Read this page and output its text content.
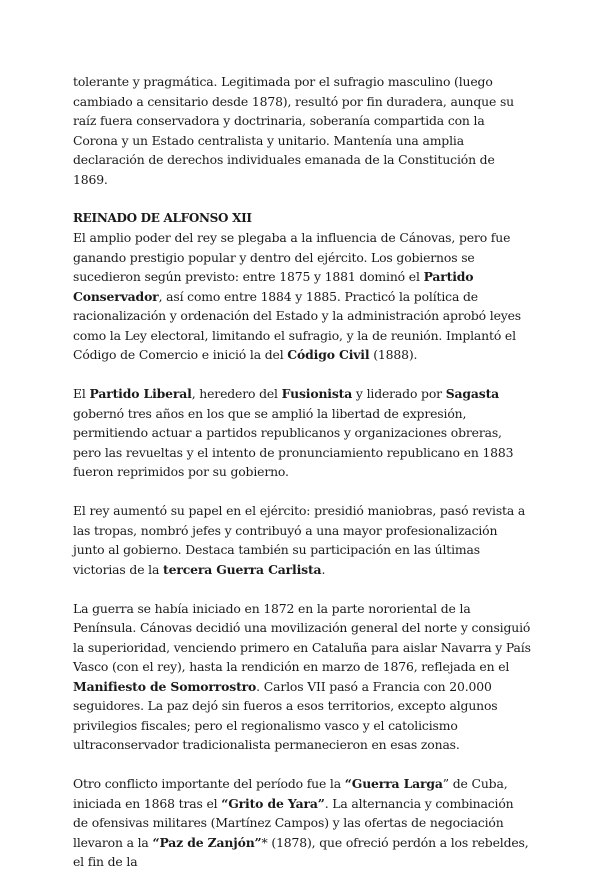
tolerante y pragmática. Legitimada por el sufragio masculino (luego cambiado a censitario desde 1878), resultó por fin duradera, aunque su raíz fuera conservadora y doctrinaria, soberanía compartida con la Corona y un Estado centralista y unitario. Mantenía una amplia declaración de derechos individuales emanada de la Constitución de 1869.

REINADO DE ALFONSO XII

El amplio poder del rey se plegaba a la influencia de Cánovas, pero fue ganando prestigio popular y dentro del ejército. Los gobiernos se sucedieron según previsto: entre 1875 y 1881 dominó el Partido Conservador, así como entre 1884 y 1885. Practicó la política de racionalización y ordenación del Estado y la administración aprobó leyes como la Ley electoral, limitando el sufragio, y la de reunión. Implantó el Código de Comercio e inició la del Código Civil (1888).

El Partido Liberal, heredero del Fusionista y liderado por Sagasta gobernó tres años en los que se amplió la libertad de expresión, permitiendo actuar a partidos republicanos y organizaciones obreras, pero las revueltas y el intento de pronunciamiento republicano en 1883 fueron reprimidos por su gobierno.

El rey aumentó su papel en el ejército: presidió maniobras, pasó revista a las tropas, nombró jefes y contribuyó a una mayor profesionalización junto al gobierno. Destaca también su participación en las últimas victorias de la tercera Guerra Carlista.

La guerra se había iniciado en 1872 en la parte nororiental de la Península. Cánovas decidió una movilización general del norte y consiguió la superioridad, venciendo primero en Cataluña para aislar Navarra y País Vasco (con el rey), hasta la rendición en marzo de 1876, reflejada en el Manifiesto de Somorrostro. Carlos VII pasó a Francia con 20.000 seguidores. La paz dejó sin fueros a esos territorios, excepto algunos privilegios fiscales; pero el regionalismo vasco y el catolicismo ultraconservador tradicionalista permanecieron en esas zonas.

Otro conflicto importante del período fue la “Guerra Larga” de Cuba, iniciada en 1868 tras el “Grito de Yara”. La alternancia y combinación de ofensivas militares (Martínez Campos) y las ofertas de negociación llevaron a la “Paz de Zanjón”* (1878), que ofreció perdón a los rebeldes, el fin de la
